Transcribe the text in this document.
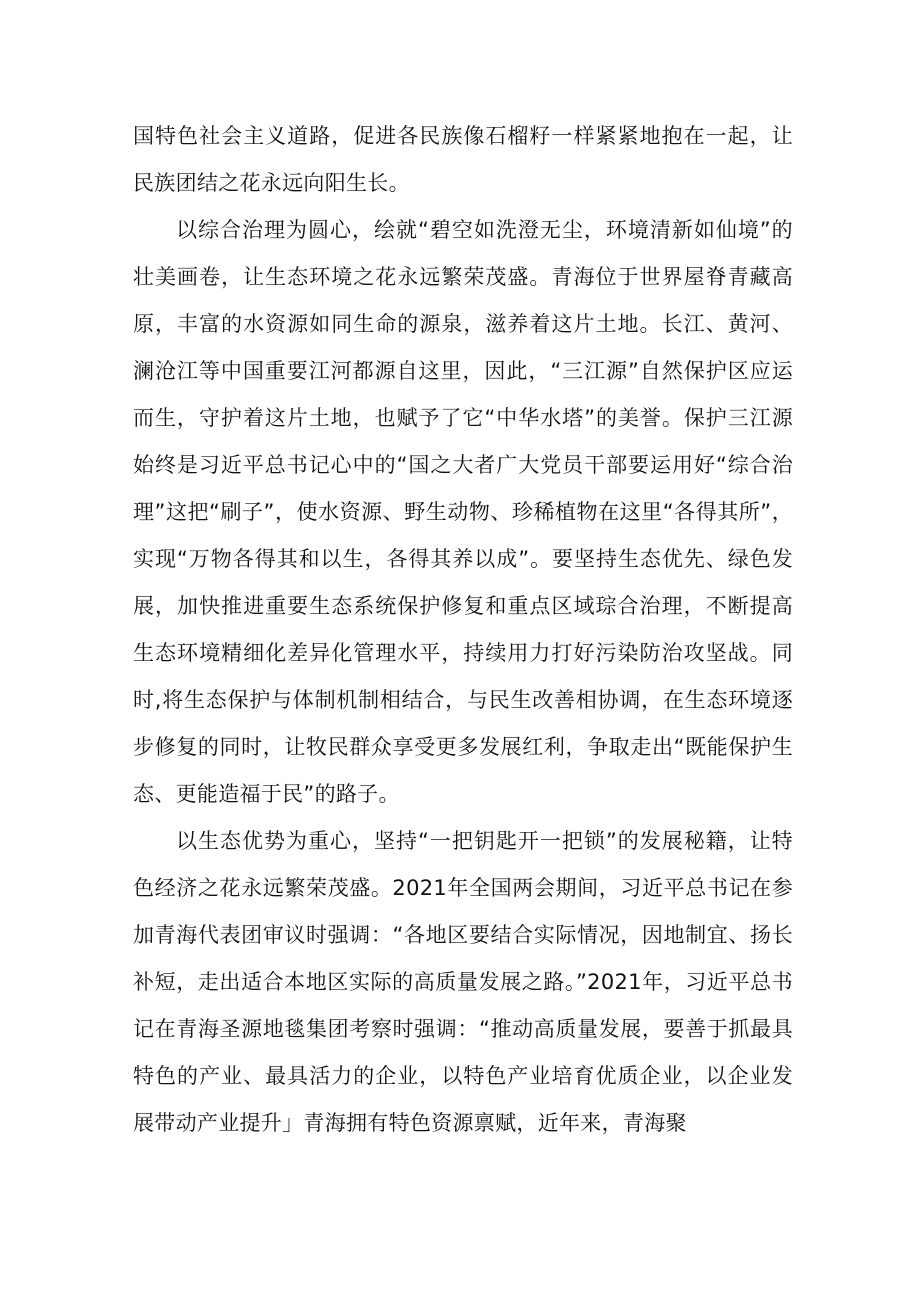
国特色社会主义道路，促进各民族像石榴籽一样紧紧地抱在一起，让民族团结之花永远向阳生长。

以综合治理为圆心，绘就“碧空如洗澄无尘，环境清新如仙境”的壮美画卷，让生态环境之花永远繁荣茂盛。青海位于世界屋脊青藏高原，丰富的水资源如同生命的源泉，滋养着这片土地。长江、黄河、澜沧江等中国重要江河都源自这里，因此，“三江源”自然保护区应运而生，守护着这片土地，也赋予了它“中华水塔”的美誉。保护三江源始终是习近平总书记心中的“国之大者广大党员干部要运用好“综合治理”这把“刷子”，使水资源、野生动物、珍稀植物在这里“各得其所”，实现“万物各得其和以生，各得其养以成”。要坚持生态优先、绿色发展，加快推进重要生态系统保护修复和重点区域琮合治理，不断提高生态环境精细化差异化管理水平，持续用力打好污染防治攻坚战。同时,将生态保护与体制机制相结合，与民生改善相协调，在生态环境逐步修复的同时，让牧民群众享受更多发展红利，争取走出“既能保护生态、更能造福于民”的路子。

以生态优势为重心，坚持“一把钥匙开一把锁”的发展秘籍，让特色经济之花永远繁荣茂盛。2021年全国两会期间，习近平总书记在参加青海代表团审议时强调：“各地区要结合实际情况，因地制宜、扬长补短，走出适合本地区实际的高质量发展之路。”2021年，习近平总书记在青海圣源地毯集团考察时强调：“推动高质量发展，要善于抓最具特色的产业、最具活力的企业，以特色产业培育优质企业，以企业发展带动产业提升」青海拥有特色资源禀赋，近年来，青海聚
